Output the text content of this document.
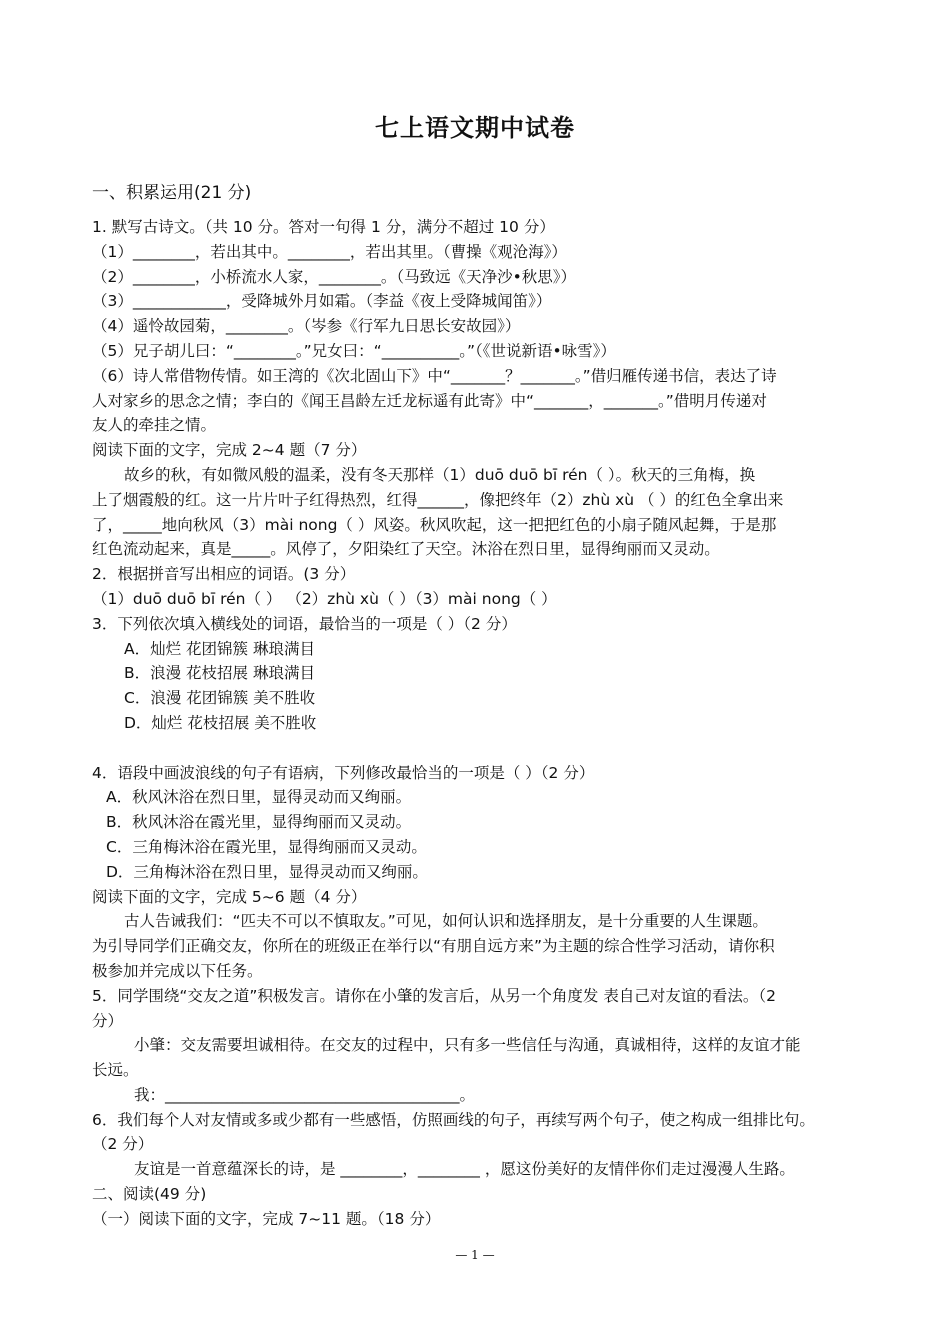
七上语文期中试卷
一、积累运用(21 分)
1. 默写古诗文。（共 10 分。答对一句得 1 分，满分不超过 10 分）
（1）________，若出其中。________，若出其里。（曹操《观沧海》）
（2）________，小桥流水人家，________。（马致远《天净沙•秋思》）
（3）____________，受降城外月如霜。（李益《夜上受降城闻笛》）
（4）遥怜故园菊，________。（岑参《行军九日思长安故园》）
（5）兄子胡儿曰：“________。”兄女曰：“__________。”（《世说新语•咏雪》）
（6）诗人常借物传情。如王湾的《次北固山下》中“_______？_______。”借归雁传递书信，表达了诗
人对家乡的思念之情；李白的《闻王昌龄左迁龙标遥有此寄》中“_______，_______。”借明月传递对
友人的牵挂之情。
阅读下面的文字，完成 2~4 题（7 分）
故乡的秋，有如微风般的温柔，没有冬天那样（1）duō duō bī rén（ ）。秋天的三角梅，换
上了烟霞般的红。这一片片叶子红得热烈，红得______，像把终年（2）zhù xù （ ）的红色全拿出来
了，_____地向秋风（3）mài nong（ ）风姿。秋风吹起，这一把把红色的小扇子随风起舞，于是那
红色流动起来，真是_____。风停了，夕阳染红了天空。沐浴在烈日里，显得绚丽而又灵动。
2．根据拼音写出相应的词语。(3 分）
（1）duō duō bī rén（ ） （2）zhù xù（ ）（3）mài nong（ ）
3．下列依次填入横线处的词语，最恰当的一项是（ ）（2 分）
A．灿烂 花团锦簇 琳琅满目
B．浪漫 花枝招展 琳琅满目
C．浪漫 花团锦簇 美不胜收
D．灿烂 花枝招展 美不胜收
4．语段中画波浪线的句子有语病，下列修改最恰当的一项是（ ）（2 分）
A．秋风沐浴在烈日里，显得灵动而又绚丽。
B．秋风沐浴在霞光里，显得绚丽而又灵动。
C．三角梅沐浴在霞光里，显得绚丽而又灵动。
D．三角梅沐浴在烈日里，显得灵动而又绚丽。
阅读下面的文字，完成 5~6 题（4 分）
古人告诫我们：“匹夫不可以不慎取友。”可见，如何认识和选择朋友，是十分重要的人生课题。
为引导同学们正确交友，你所在的班级正在举行以“有朋自远方来”为主题的综合性学习活动，请你积
极参加并完成以下任务。
5．同学围绕“交友之道”积极发言。请你在小肇的发言后，从另一个角度发 表自己对友谊的看法。（2
分）
小肇：交友需要坦诚相待。在交友的过程中，只有多一些信任与沟通，真诚相待，这样的友谊才能
长远。
我：______________________________________。
6．我们每个人对友情或多或少都有一些感悟，仿照画线的句子，再续写两个句子，使之构成一组排比句。
（2 分）
友谊是一首意蕴深长的诗，是 ________，________ ，愿这份美好的友情伴你们走过漫漫人生路。
二、阅读(49 分)
（一）阅读下面的文字，完成 7~11 题。（18 分）
— 1 —
